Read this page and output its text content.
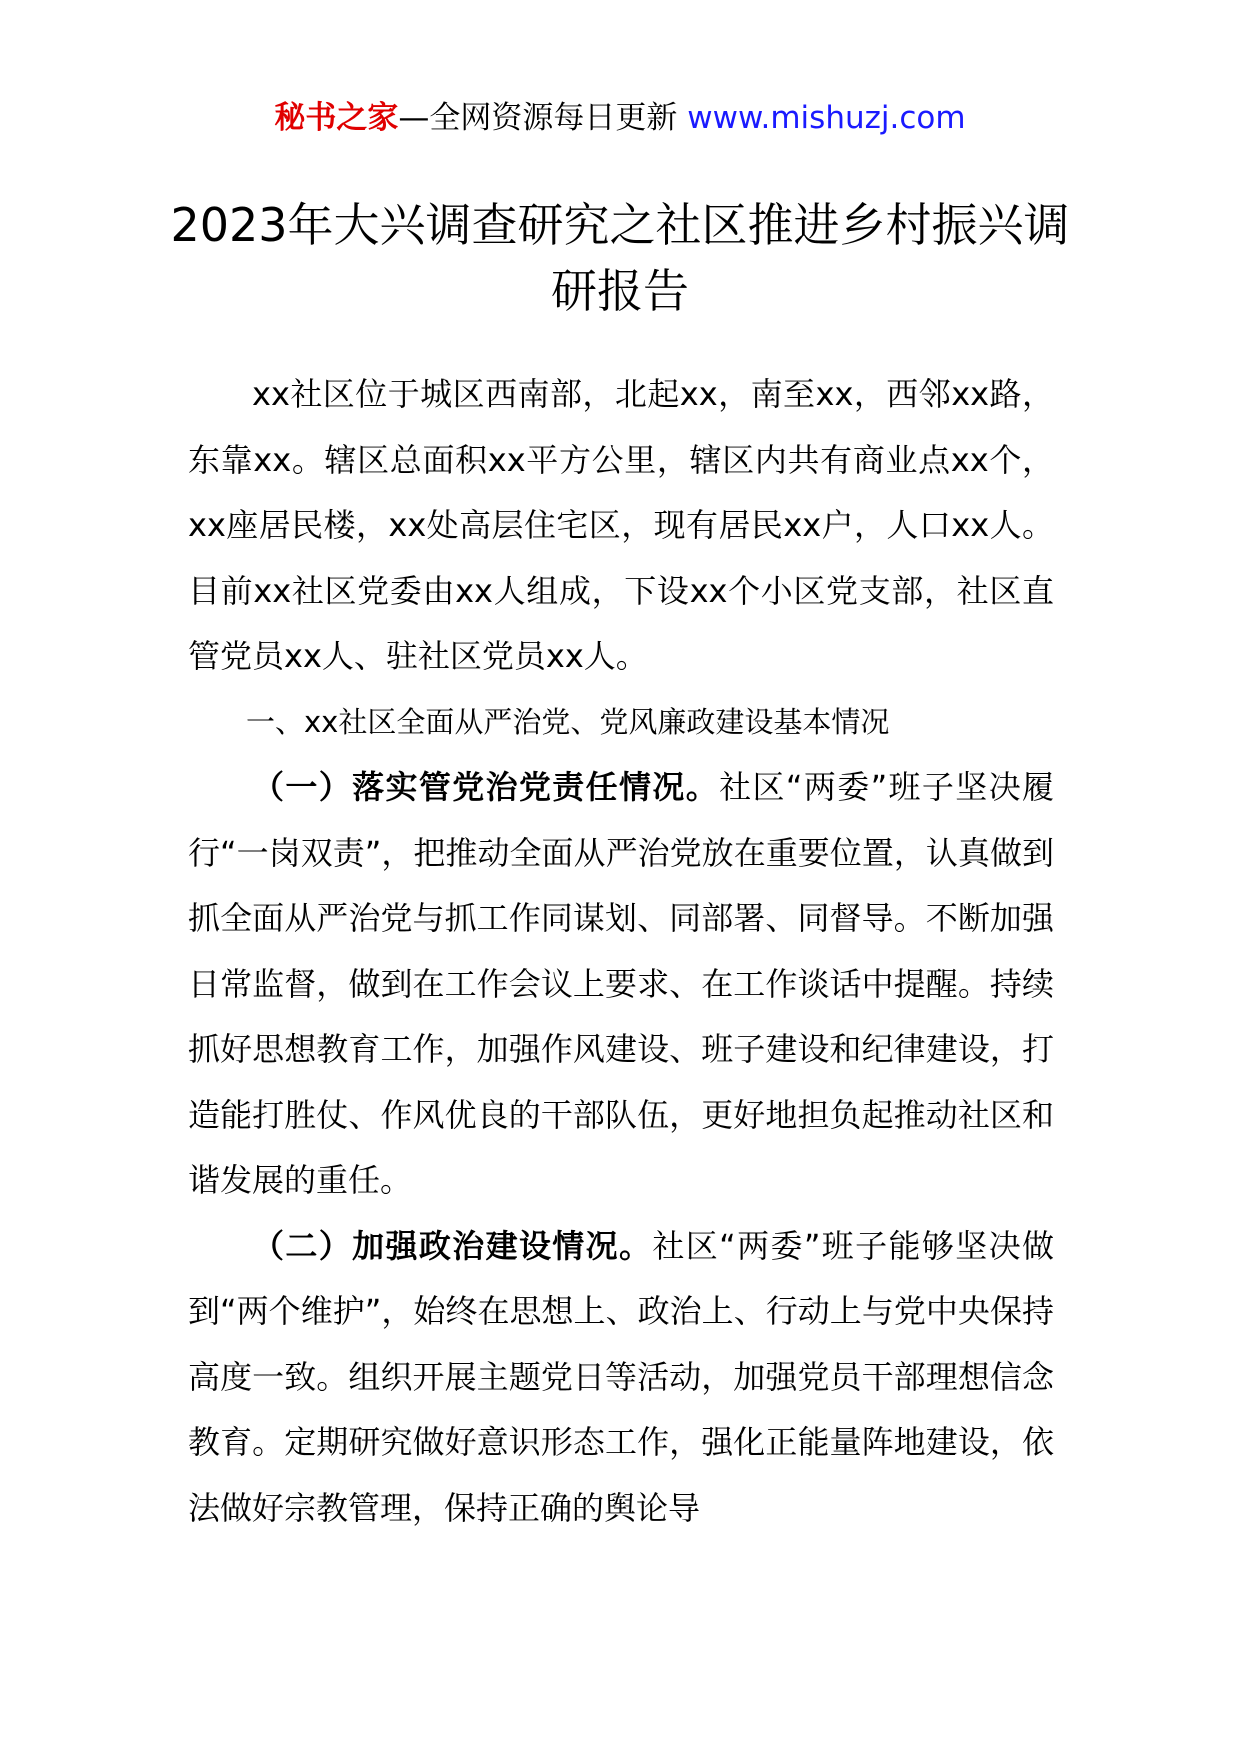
秘书之家—全网资源每日更新 www.mishuzj.com
2023年大兴调查研究之社区推进乡村振兴调研报告

xx社区位于城区西南部，北起xx，南至xx，西邻xx路，东靠xx。辖区总面积xx平方公里，辖区内共有商业点xx个，xx座居民楼，xx处高层住宅区，现有居民xx户，人口xx人。目前xx社区党委由xx人组成，下设xx个小区党支部，社区直管党员xx人、驻社区党员xx人。

一、xx社区全面从严治党、党风廉政建设基本情况

（一）落实管党治党责任情况。社区“两委”班子坚决履行“一岗双责”，把推动全面从严治党放在重要位置，认真做到抓全面从严治党与抓工作同谋划、同部署、同督导。不断加强日常监督，做到在工作会议上要求、在工作谈话中提醒。持续抓好思想教育工作，加强作风建设、班子建设和纪律建设，打造能打胜仗、作风优良的干部队伍，更好地担负起推动社区和谐发展的重任。

（二）加强政治建设情况。社区“两委”班子能够坚决做到“两个维护”，始终在思想上、政治上、行动上与党中央保持高度一致。组织开展主题党日等活动，加强党员干部理想信念教育。定期研究做好意识形态工作，强化正能量阵地建设，依法做好宗教管理，保持正确的舆论导
